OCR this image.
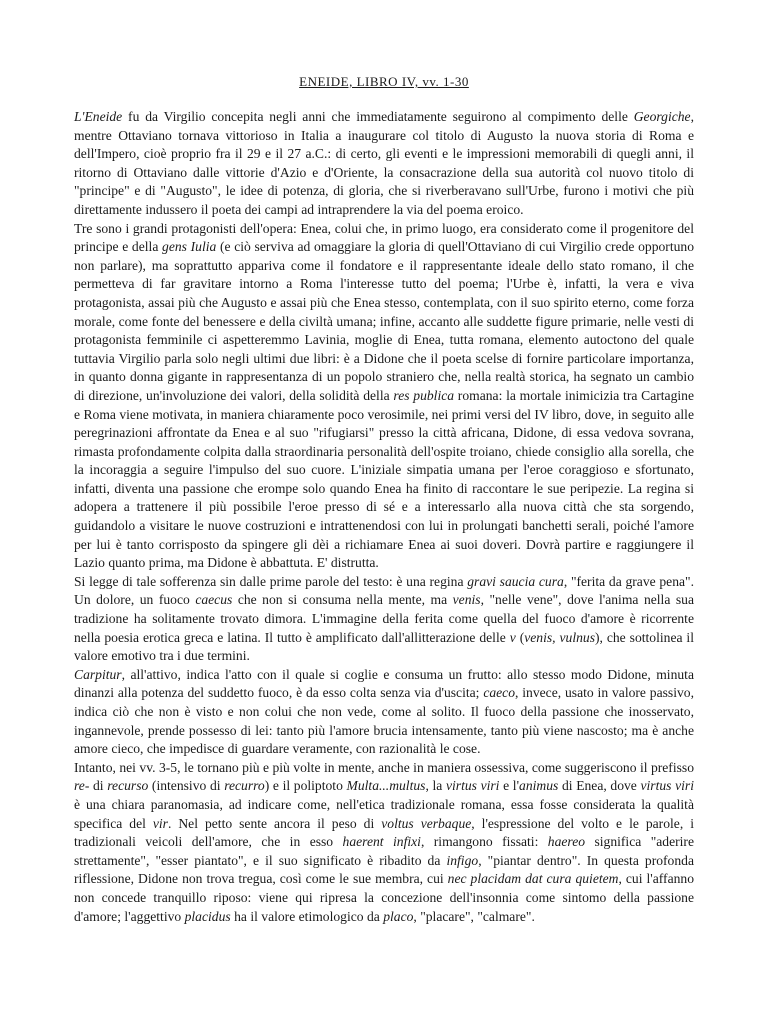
ENEIDE, LIBRO IV, vv. 1-30

L'Eneide fu da Virgilio concepita negli anni che immediatamente seguirono al compimento delle Georgiche, mentre Ottaviano tornava vittorioso in Italia a inaugurare col titolo di Augusto la nuova storia di Roma e dell'Impero, cioè proprio fra il 29 e il 27 a.C.: di certo, gli eventi e le impressioni memorabili di quegli anni, il ritorno di Ottaviano dalle vittorie d'Azio e d'Oriente, la consacrazione della sua autorità col nuovo titolo di "principe" e di "Augusto", le idee di potenza, di gloria, che si riverberavano sull'Urbe, furono i motivi che più direttamente indussero il poeta dei campi ad intraprendere la via del poema eroico.

Tre sono i grandi protagonisti dell'opera: Enea, colui che, in primo luogo, era considerato come il progenitore del principe e della gens Iulia (e ciò serviva ad omaggiare la gloria di quell'Ottaviano di cui Virgilio crede opportuno non parlare), ma soprattutto appariva come il fondatore e il rappresentante ideale dello stato romano, il che permetteva di far gravitare intorno a Roma l'interesse tutto del poema; l'Urbe è, infatti, la vera e viva protagonista, assai più che Augusto e assai più che Enea stesso, contemplata, con il suo spirito eterno, come forza morale, come fonte del benessere e della civiltà umana; infine, accanto alle suddette figure primarie, nelle vesti di protagonista femminile ci aspetteremmo Lavinia, moglie di Enea, tutta romana, elemento autoctono del quale tuttavia Virgilio parla solo negli ultimi due libri: è a Didone che il poeta scelse di fornire particolare importanza, in quanto donna gigante in rappresentanza di un popolo straniero che, nella realtà storica, ha segnato un cambio di direzione, un'involuzione dei valori, della solidità della res publica romana: la mortale inimicizia tra Cartagine e Roma viene motivata, in maniera chiaramente poco verosimile, nei primi versi del IV libro, dove, in seguito alle peregrinazioni affrontate da Enea e al suo "rifugiarsi" presso la città africana, Didone, di essa vedova sovrana, rimasta profondamente colpita dalla straordinaria personalità dell'ospite troiano, chiede consiglio alla sorella, che la incoraggia a seguire l'impulso del suo cuore. L'iniziale simpatia umana per l'eroe coraggioso e sfortunato, infatti, diventa una passione che erompe solo quando Enea ha finito di raccontare le sue peripezie. La regina si adopera a trattenere il più possibile l'eroe presso di sé e a interessarlo alla nuova città che sta sorgendo, guidandolo a visitare le nuove costruzioni e intrattenendosi con lui in prolungati banchetti serali, poiché l'amore per lui è tanto corrisposto da spingere gli dèi a richiamare Enea ai suoi doveri. Dovrà partire e raggiungere il Lazio quanto prima, ma Didone è abbattuta. E' distrutta.

Si legge di tale sofferenza sin dalle prime parole del testo: è una regina gravi saucia cura, "ferita da grave pena". Un dolore, un fuoco caecus che non si consuma nella mente, ma venis, "nelle vene", dove l'anima nella sua tradizione ha solitamente trovato dimora. L'immagine della ferita come quella del fuoco d'amore è ricorrente nella poesia erotica greca e latina. Il tutto è amplificato dall'allitterazione delle v (venis, vulnus), che sottolinea il valore emotivo tra i due termini.

Carpitur, all'attivo, indica l'atto con il quale si coglie e consuma un frutto: allo stesso modo Didone, minuta dinanzi alla potenza del suddetto fuoco, è da esso colta senza via d'uscita; caeco, invece, usato in valore passivo, indica ciò che non è visto e non colui che non vede, come al solito. Il fuoco della passione che inosservato, ingannevole, prende possesso di lei: tanto più l'amore brucia intensamente, tanto più viene nascosto; ma è anche amore cieco, che impedisce di guardare veramente, con razionalità le cose.

Intanto, nei vv. 3-5, le tornano più e più volte in mente, anche in maniera ossessiva, come suggeriscono il prefisso re- di recurso (intensivo di recurro) e il poliptoto Multa...multus, la virtus viri e l'animus di Enea, dove virtus viri è una chiara paranomasia, ad indicare come, nell'etica tradizionale romana, essa fosse considerata la qualità specifica del vir. Nel petto sente ancora il peso di voltus verbaque, l'espressione del volto e le parole, i tradizionali veicoli dell'amore, che in esso haerent infixi, rimangono fissati: haereo significa "aderire strettamente", "esser piantato", e il suo significato è ribadito da infigo, "piantar dentro". In questa profonda riflessione, Didone non trova tregua, così come le sue membra, cui nec placidam dat cura quietem, cui l'affanno non concede tranquillo riposo: viene qui ripresa la concezione dell'insonnia come sintomo della passione d'amore; l'aggettivo placidus ha il valore etimologico da placo, "placare", "calmare".
